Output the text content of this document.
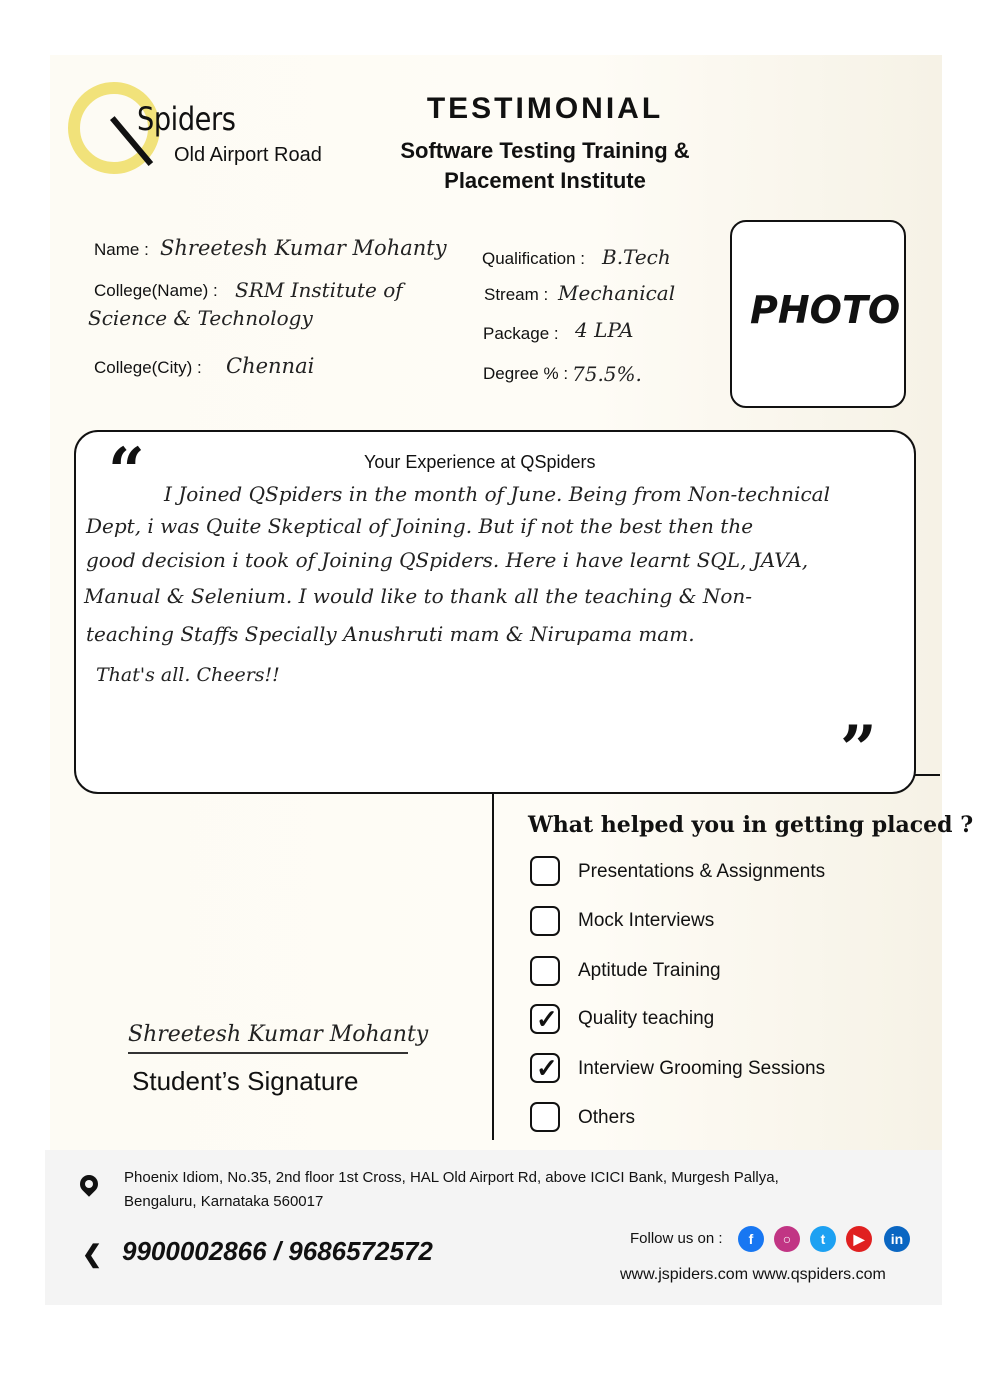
Spiders
Old Airport Road
TESTIMONIAL
Software Testing Training &
Placement Institute
Name : Shreetesh Kumar Mohanty
College(Name) : SRM Institute of
Science & Technology
College(City) : Chennai
Qualification : B.Tech
Stream : Mechanical
Package : 4 LPA
Degree % : 75.5%.
PHOTO
“	Your Experience at QSpiders
I Joined QSpiders in the month of June. Being from Non-technical
Dept, i was Quite Skeptical of Joining. But if not the best then the
good decision i took of Joining QSpiders. Here i have learnt SQL, JAVA,
Manual & Selenium. I would like to thank all the teaching & Non-
teaching Staffs Specially Anushruti mam & Nirupama mam.
That's all. Cheers!!
”
What helped you in getting placed ?
Presentations & Assignments
Mock Interviews
Aptitude Training
✓ Quality teaching
✓ Interview Grooming Sessions
Others
Shreetesh Kumar Mohanty
Student’s Signature
Phoenix Idiom, No.35, 2nd floor 1st Cross, HAL Old Airport Rd, above ICICI Bank, Murgesh Pallya,
Bengaluru, Karnataka 560017
❮ 9900002866 / 9686572572	Follow us on :	f	○	t	▶	in
www.jspiders.com www.qspiders.com
